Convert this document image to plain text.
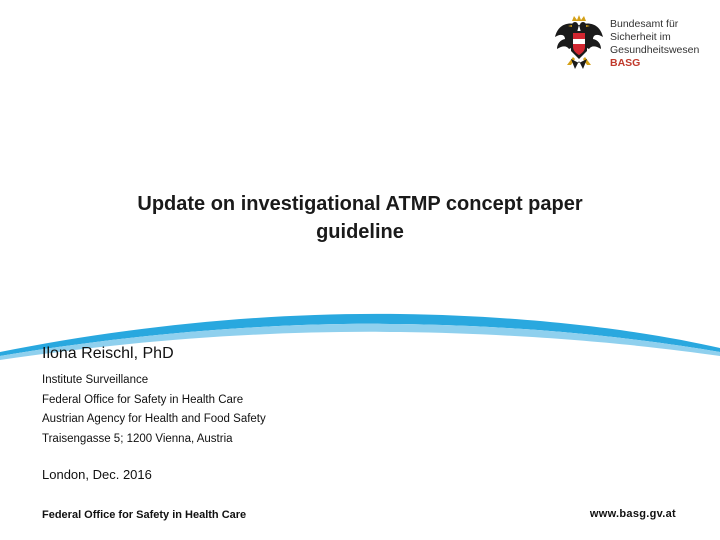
Bundesamt für
Sicherheit im
Gesundheitswesen
BASG
Update on investigational ATMP concept paper
guideline
Ilona Reischl, PhD
Institute Surveillance
Federal Office for Safety in Health Care
Austrian Agency for Health and Food Safety
Traisengasse 5; 1200 Vienna, Austria
London, Dec. 2016
Federal Office for Safety in Health Care	www.basg.gv.at
